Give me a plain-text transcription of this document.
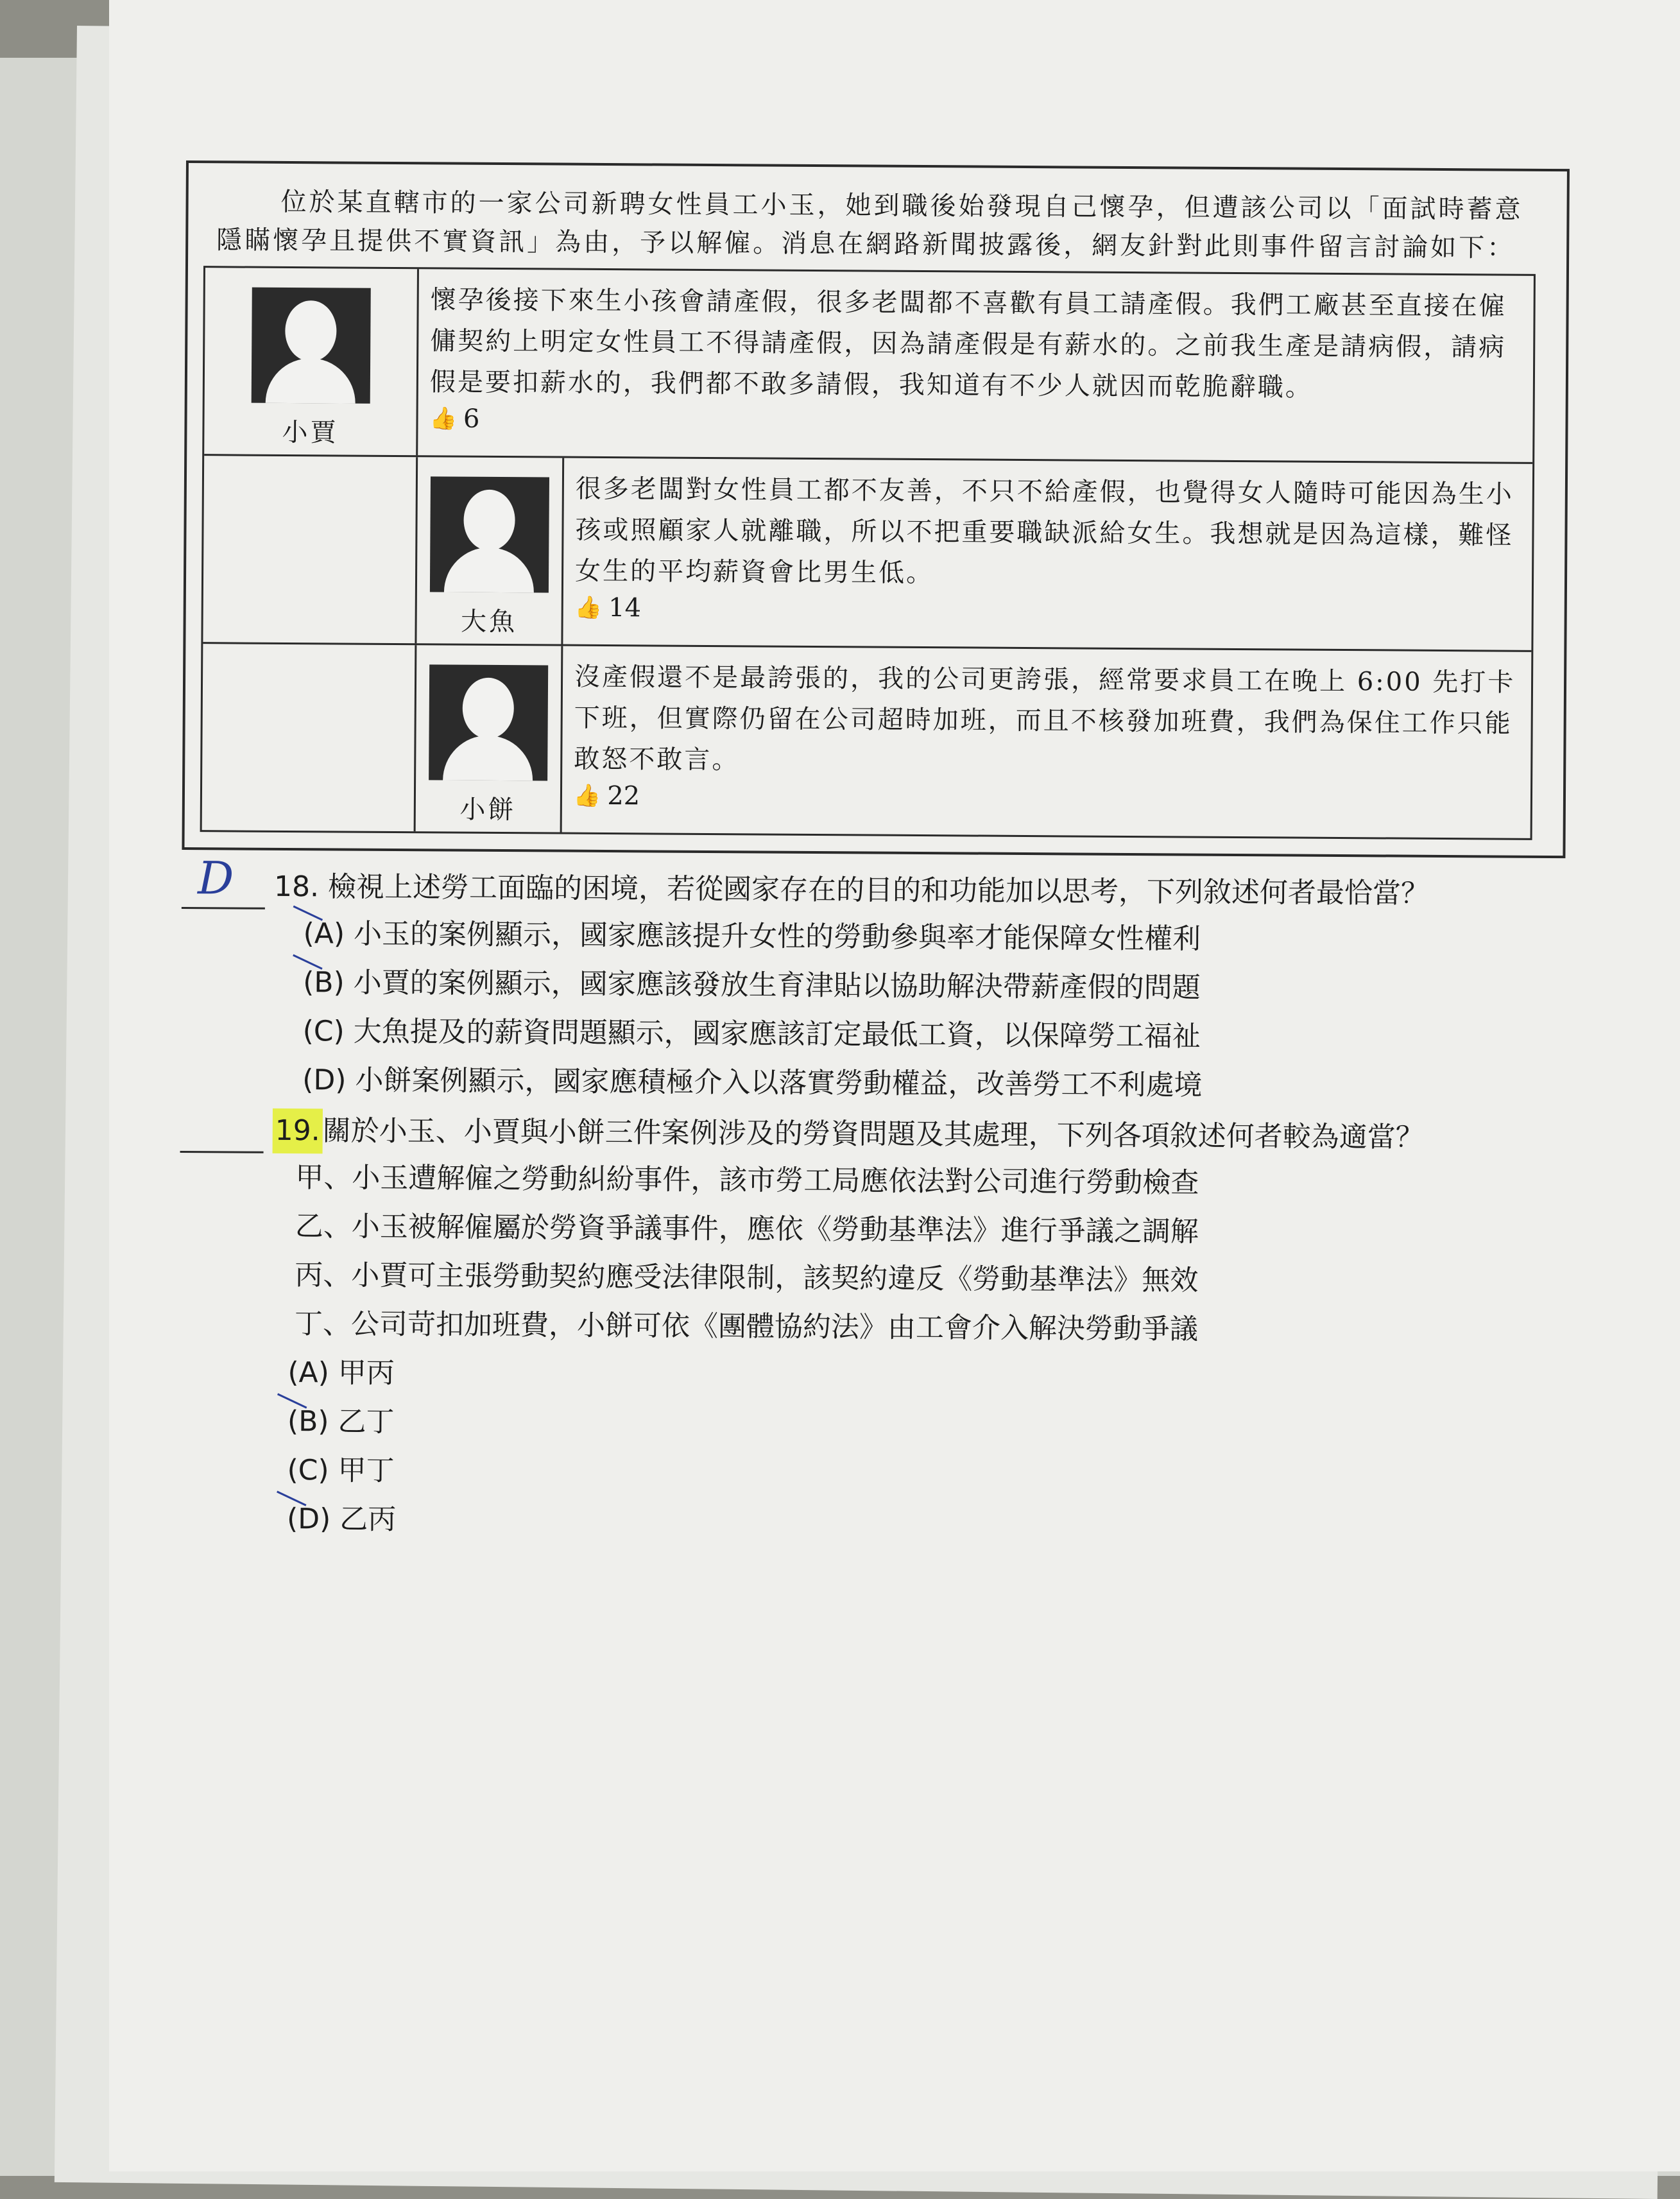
位於某直轄市的一家公司新聘女性員工小玉，她到職後始發現自己懷孕，但遭該公司以「面試時蓄意隱瞞懷孕且提供不實資訊」為由，予以解僱。消息在網路新聞披露後，網友針對此則事件留言討論如下：

小賈
懷孕後接下來生小孩會請產假，很多老闆都不喜歡有員工請產假。我們工廠甚至直接在僱傭契約上明定女性員工不得請產假，因為請產假是有薪水的。之前我生產是請病假，請病假是要扣薪水的，我們都不敢多請假，我知道有不少人就因而乾脆辭職。
👍 6
大魚
很多老闆對女性員工都不友善，不只不給產假，也覺得女人隨時可能因為生小孩或照顧家人就離職，所以不把重要職缺派給女生。我想就是因為這樣，難怪女生的平均薪資會比男生低。
👍 14
小餅
沒產假還不是最誇張的，我的公司更誇張，經常要求員工在晚上 6:00 先打卡下班，但實際仍留在公司超時加班，而且不核發加班費，我們為保住工作只能敢怒不敢言。
👍 22
D 18. 檢視上述勞工面臨的困境，若從國家存在的目的和功能加以思考，下列敘述何者最恰當？
(A) 小玉的案例顯示，國家應該提升女性的勞動參與率才能保障女性權利
(B) 小賈的案例顯示，國家應該發放生育津貼以協助解決帶薪產假的問題
(C) 大魚提及的薪資問題顯示，國家應該訂定最低工資，以保障勞工福祉
(D) 小餅案例顯示，國家應積極介入以落實勞動權益，改善勞工不利處境
19. 關於小玉、小賈與小餅三件案例涉及的勞資問題及其處理，下列各項敘述何者較為適當？
甲、小玉遭解僱之勞動糾紛事件，該市勞工局應依法對公司進行勞動檢查
乙、小玉被解僱屬於勞資爭議事件，應依《勞動基準法》進行爭議之調解
丙、小賈可主張勞動契約應受法律限制，該契約違反《勞動基準法》無效
丁、公司苛扣加班費，小餅可依《團體協約法》由工會介入解決勞動爭議
(A) 甲丙
(B) 乙丁
(C) 甲丁
(D) 乙丙
